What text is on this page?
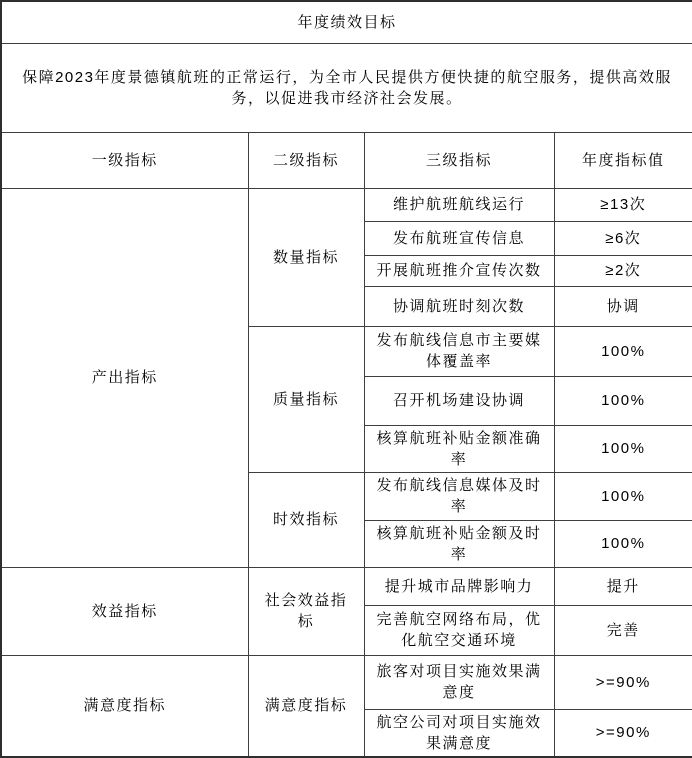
年度绩效目标			
保障2023年度景德镇航班的正常运行，为全市人民提供方便快捷的航空服务，提供高效服务，以促进我市经济社会发展。			
一级指标	二级指标	三级指标	年度指标值
产出指标	数量指标	维护航班航线运行	≥13次
		发布航班宣传信息	≥6次
		开展航班推介宣传次数	≥2次
		协调航班时刻次数	协调
	质量指标	发布航线信息市主要媒体覆盖率	100%
		召开机场建设协调	100%
		核算航班补贴金额准确率	100%
	时效指标	发布航线信息媒体及时率	100%
		核算航班补贴金额及时率	100%
效益指标	社会效益指标	提升城市品牌影响力	提升
		完善航空网络布局，优化航空交通环境	完善
满意度指标	满意度指标	旅客对项目实施效果满意度	>=90%
		航空公司对项目实施效果满意度	>=90%
